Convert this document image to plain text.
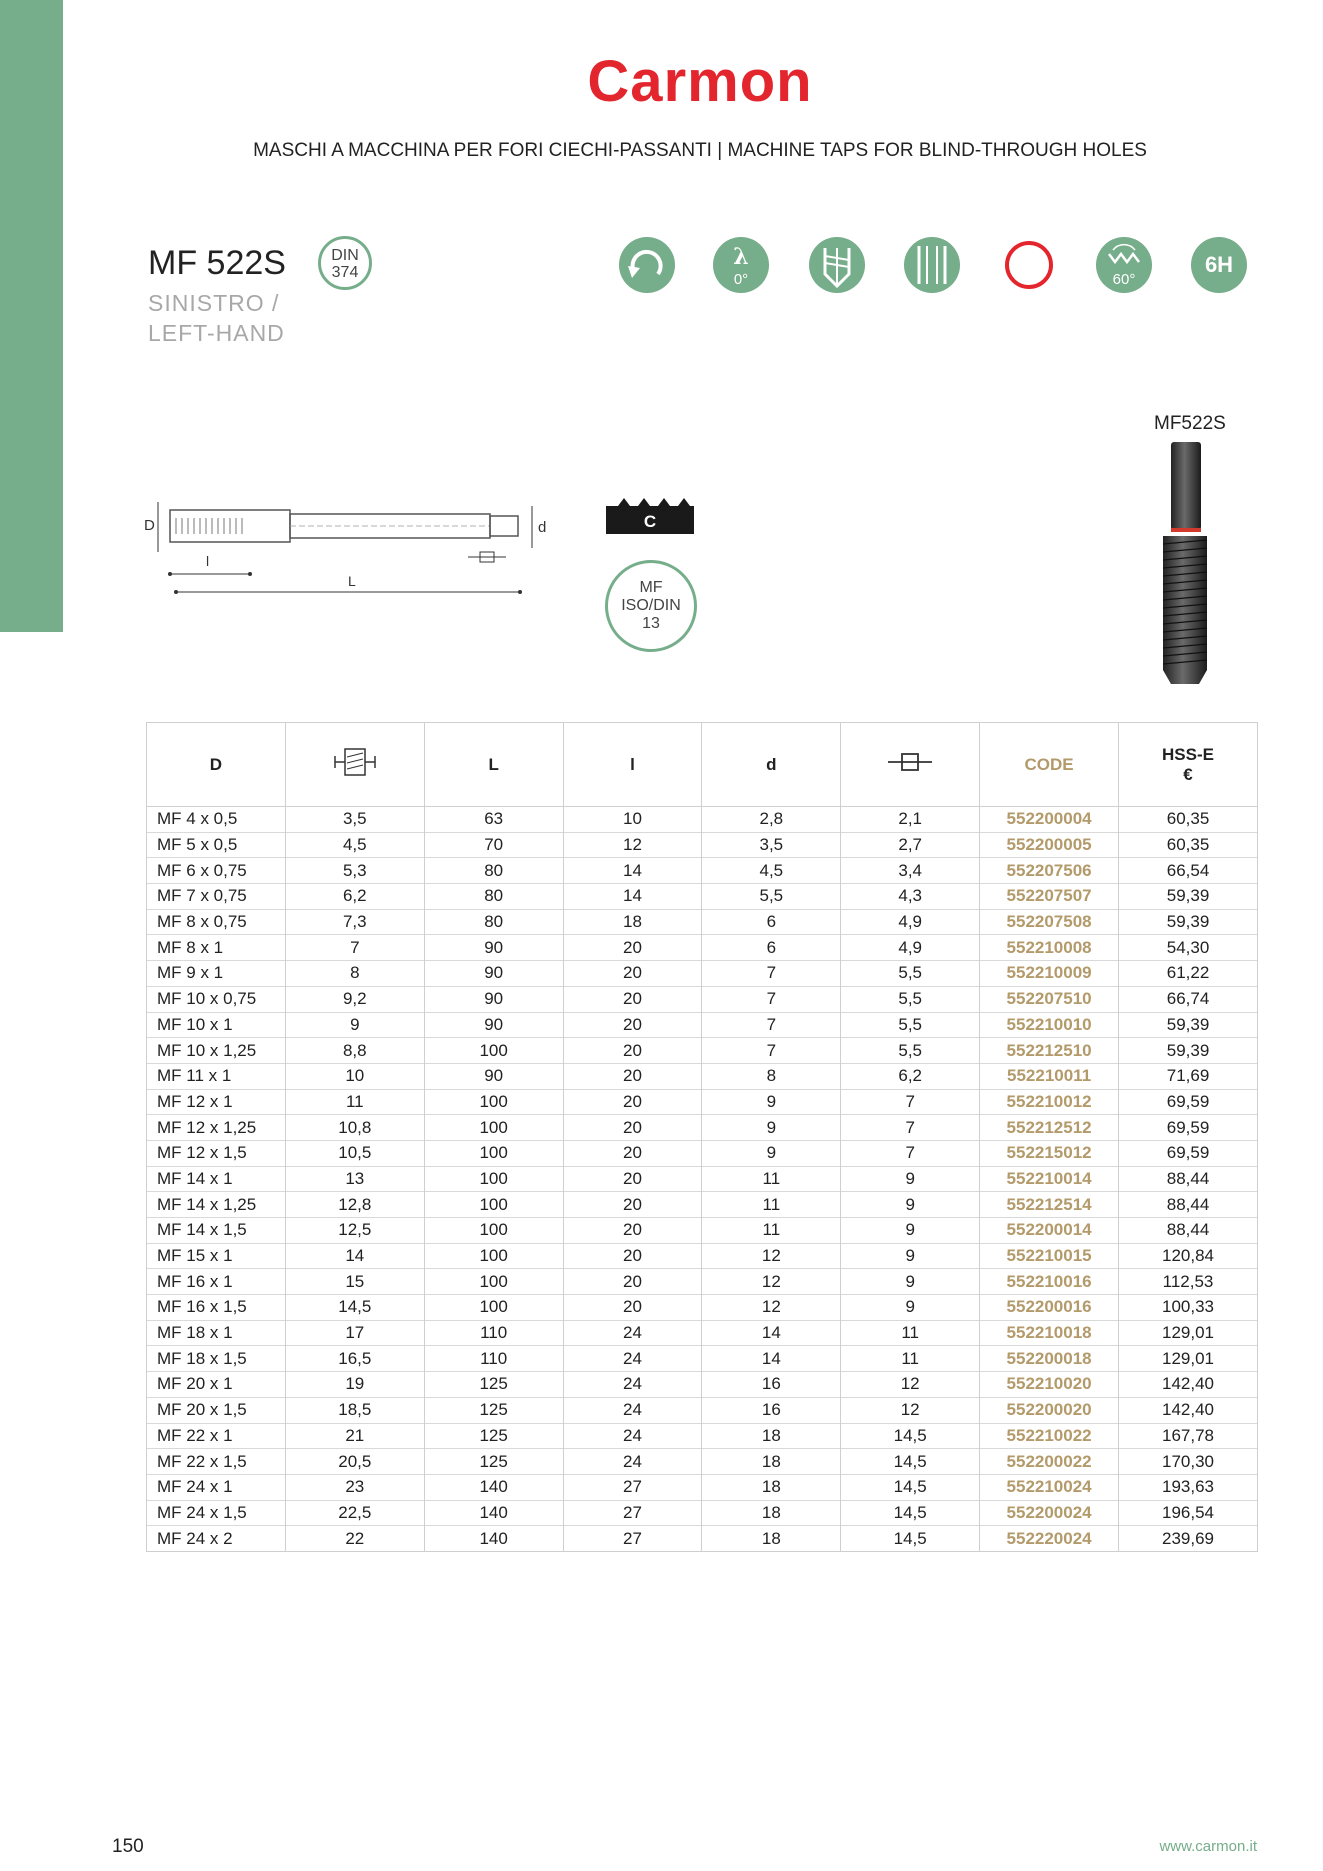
Carmon
MASCHI A MACCHINA PER FORI CIECHI-PASSANTI | MACHINE TAPS FOR BLIND-THROUGH HOLES
MF 522S
SINISTRO /
LEFT-HAND
DIN
374
λ
0°	60°
6H
D	d
l
L
C
MF
ISO/DIN
13
MF522S
D		L	l	d		CODE	HSS-E
€

MF 4 x 0,5	3,5	63	10	2,8	2,1	552200004	60,35
MF 5 x 0,5	4,5	70	12	3,5	2,7	552200005	60,35
MF 6 x 0,75	5,3	80	14	4,5	3,4	552207506	66,54
MF 7 x 0,75	6,2	80	14	5,5	4,3	552207507	59,39
MF 8 x 0,75	7,3	80	18	6	4,9	552207508	59,39
MF 8 x 1	7	90	20	6	4,9	552210008	54,30
MF 9 x 1	8	90	20	7	5,5	552210009	61,22
MF 10 x 0,75	9,2	90	20	7	5,5	552207510	66,74
MF 10 x 1	9	90	20	7	5,5	552210010	59,39
MF 10 x 1,25	8,8	100	20	7	5,5	552212510	59,39
MF 11 x 1	10	90	20	8	6,2	552210011	71,69
MF 12 x 1	11	100	20	9	7	552210012	69,59
MF 12 x 1,25	10,8	100	20	9	7	552212512	69,59
MF 12 x 1,5	10,5	100	20	9	7	552215012	69,59
MF 14 x 1	13	100	20	11	9	552210014	88,44
MF 14 x 1,25	12,8	100	20	11	9	552212514	88,44
MF 14 x 1,5	12,5	100	20	11	9	552200014	88,44
MF 15 x 1	14	100	20	12	9	552210015	120,84
MF 16 x 1	15	100	20	12	9	552210016	112,53
MF 16 x 1,5	14,5	100	20	12	9	552200016	100,33
MF 18 x 1	17	110	24	14	11	552210018	129,01
MF 18 x 1,5	16,5	110	24	14	11	552200018	129,01
MF 20 x 1	19	125	24	16	12	552210020	142,40
MF 20 x 1,5	18,5	125	24	16	12	552200020	142,40
MF 22 x 1	21	125	24	18	14,5	552210022	167,78
MF 22 x 1,5	20,5	125	24	18	14,5	552200022	170,30
MF 24 x 1	23	140	27	18	14,5	552210024	193,63
MF 24 x 1,5	22,5	140	27	18	14,5	552200024	196,54
MF 24 x 2	22	140	27	18	14,5	552220024	239,69
150	www.carmon.it
